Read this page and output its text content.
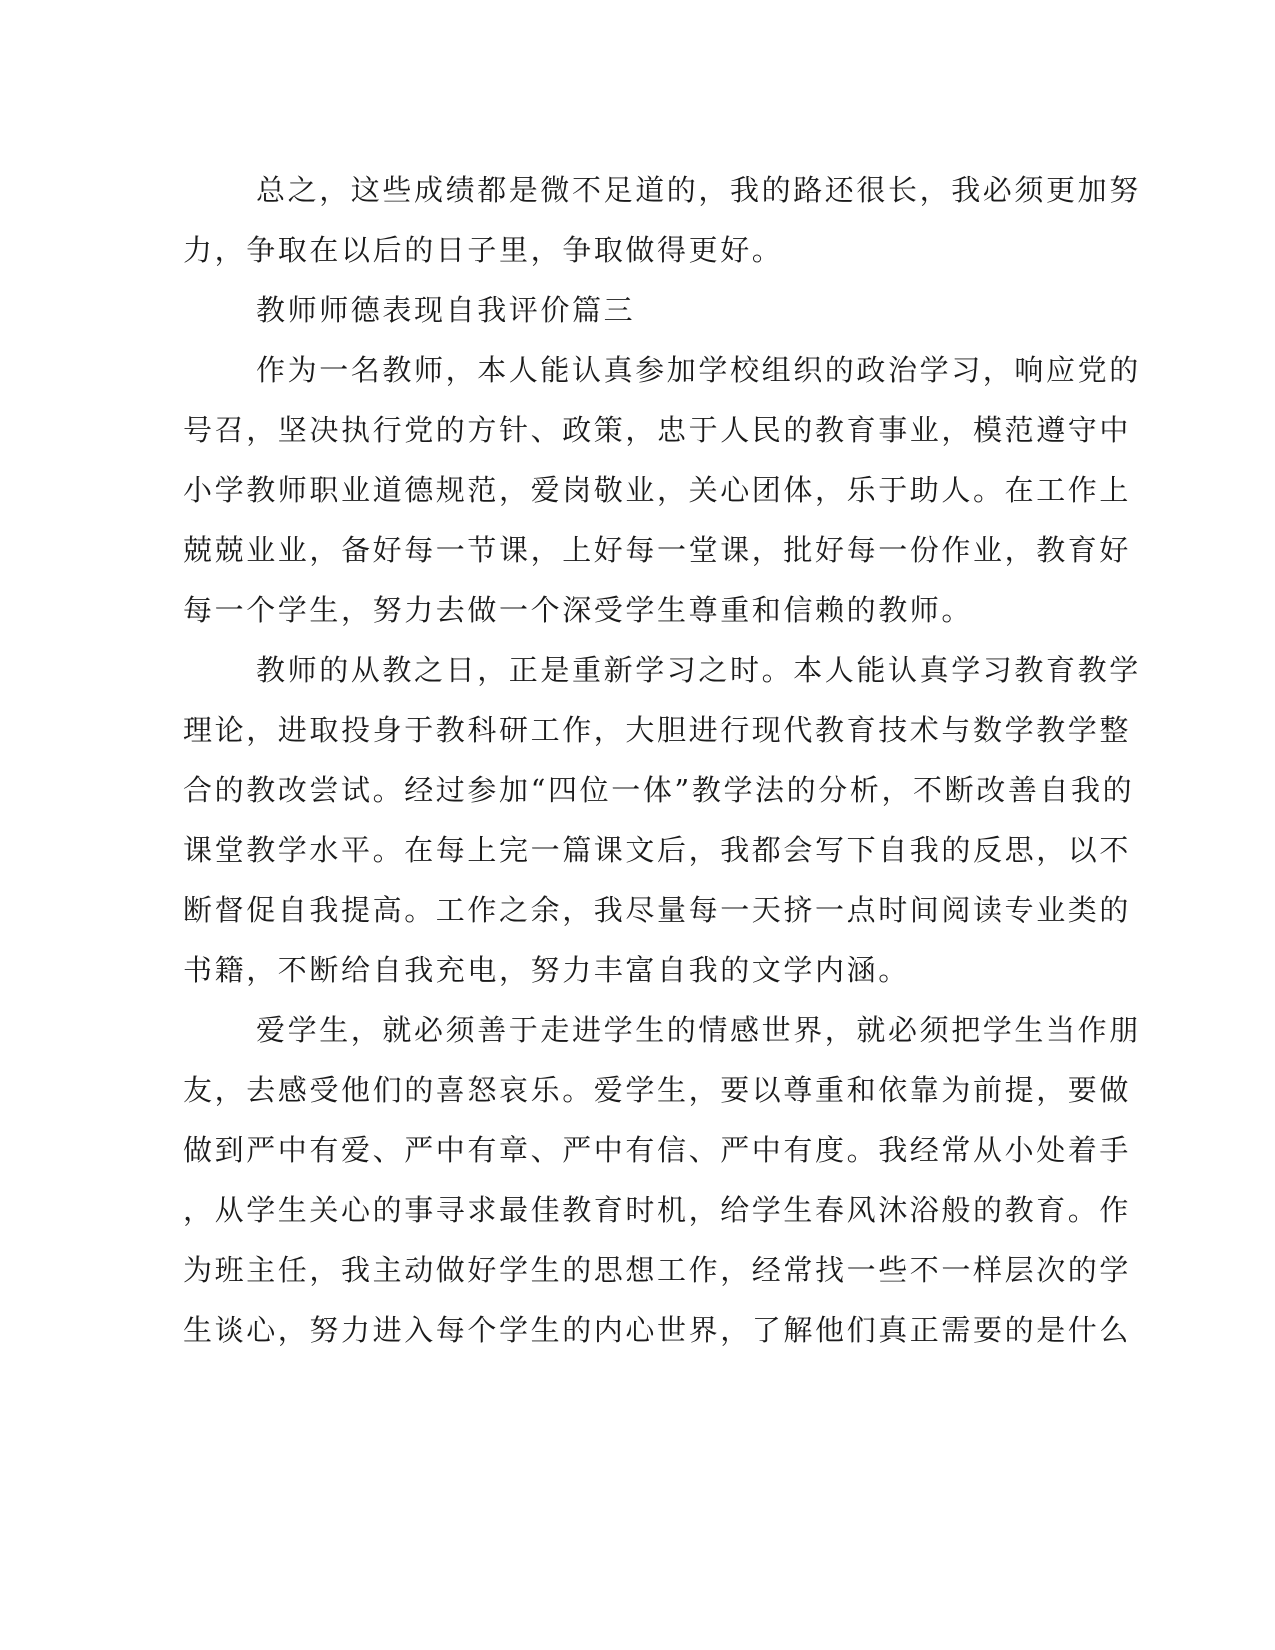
总之，这些成绩都是微不足道的，我的路还很长，我必须更加努
力，争取在以后的日子里，争取做得更好。
教师师德表现自我评价篇三
作为一名教师，本人能认真参加学校组织的政治学习，响应党的
号召，坚决执行党的方针、政策，忠于人民的教育事业，模范遵守中
小学教师职业道德规范，爱岗敬业，关心团体，乐于助人。在工作上
兢兢业业，备好每一节课，上好每一堂课，批好每一份作业，教育好
每一个学生，努力去做一个深受学生尊重和信赖的教师。
教师的从教之日，正是重新学习之时。本人能认真学习教育教学
理论，进取投身于教科研工作，大胆进行现代教育技术与数学教学整
合的教改尝试。经过参加“四位一体”教学法的分析，不断改善自我的
课堂教学水平。在每上完一篇课文后，我都会写下自我的反思，以不
断督促自我提高。工作之余，我尽量每一天挤一点时间阅读专业类的
书籍，不断给自我充电，努力丰富自我的文学内涵。
爱学生，就必须善于走进学生的情感世界，就必须把学生当作朋
友，去感受他们的喜怒哀乐。爱学生，要以尊重和依靠为前提，要做
做到严中有爱、严中有章、严中有信、严中有度。我经常从小处着手
，从学生关心的事寻求最佳教育时机，给学生春风沐浴般的教育。作
为班主任，我主动做好学生的思想工作，经常找一些不一样层次的学
生谈心，努力进入每个学生的内心世界，了解他们真正需要的是什么
